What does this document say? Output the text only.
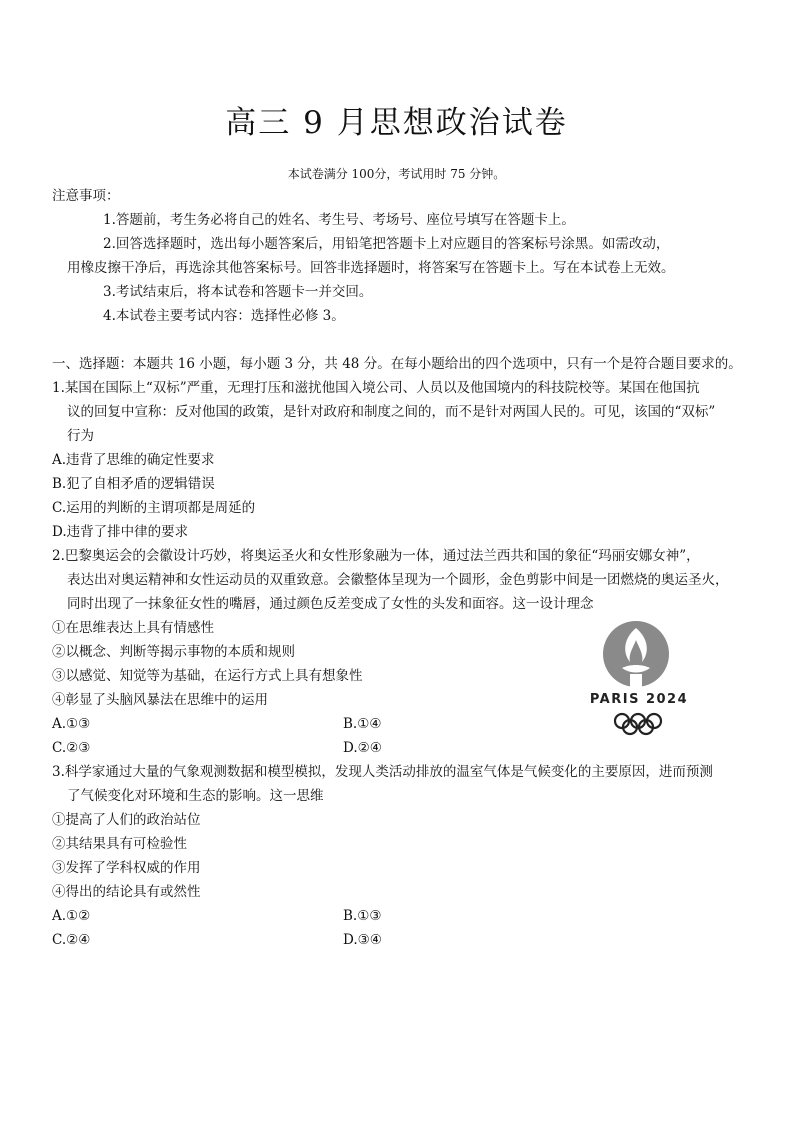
高三 9 月思想政治试卷
本试卷满分 100分，考试用时 75 分钟。
注意事项：
1.答题前，考生务必将自己的姓名、考生号、考场号、座位号填写在答题卡上。
2.回答选择题时，选出每小题答案后，用铅笔把答题卡上对应题目的答案标号涂黑。如需改动，
用橡皮擦干净后，再选涂其他答案标号。回答非选择题时，将答案写在答题卡上。写在本试卷上无效。
3.考试结束后，将本试卷和答题卡一并交回。
4.本试卷主要考试内容：选择性必修 3。
一、选择题：本题共 16 小题，每小题 3 分，共 48 分。在每小题给出的四个选项中，只有一个是符合题目要求的。
1.某国在国际上“双标”严重，无理打压和滋扰他国入境公司、人员以及他国境内的科技院校等。某国在他国抗
议的回复中宣称：反对他国的政策，是针对政府和制度之间的，而不是针对两国人民的。可见，该国的“双标”
行为
A.违背了思维的确定性要求
B.犯了自相矛盾的逻辑错误
C.运用的判断的主谓项都是周延的
D.违背了排中律的要求
2.巴黎奥运会的会徽设计巧妙，将奥运圣火和女性形象融为一体，通过法兰西共和国的象征“玛丽安娜女神”，
表达出对奥运精神和女性运动员的双重致意。会徽整体呈现为一个圆形，金色剪影中间是一团燃烧的奥运圣火，
同时出现了一抹象征女性的嘴唇，通过颜色反差变成了女性的头发和面容。这一设计理念
①在思维表达上具有情感性
②以概念、判断等揭示事物的本质和规则
③以感觉、知觉等为基础，在运行方式上具有想象性
④彰显了头脑风暴法在思维中的运用
A.①③	B.①④
C.②③	D.②④
PARIS 2024
3.科学家通过大量的气象观测数据和模型模拟，发现人类活动排放的温室气体是气候变化的主要原因，进而预测
了气候变化对环境和生态的影响。这一思维
①提高了人们的政治站位
②其结果具有可检验性
③发挥了学科权威的作用
④得出的结论具有或然性
A.①②	B.①③
C.②④	D.③④
